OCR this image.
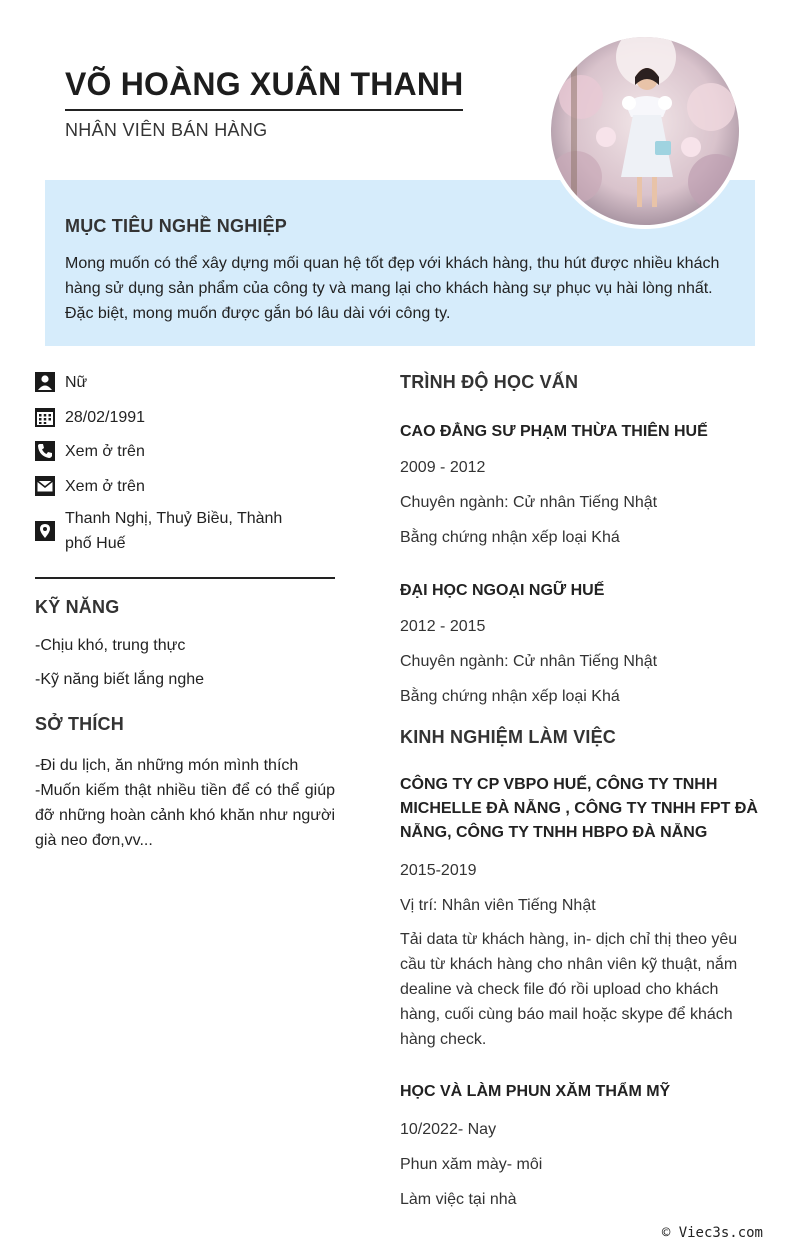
VÕ HOÀNG XUÂN THANH
NHÂN VIÊN BÁN HÀNG
MỤC TIÊU NGHỀ NGHIỆP

Mong muốn có thể xây dựng mối quan hệ tốt đẹp với khách hàng, thu hút được nhiều khách hàng sử dụng sản phẩm của công ty và mang lại cho khách hàng sự phục vụ hài lòng nhất. Đặc biệt, mong muốn được gắn bó lâu dài với công ty.

Nữ
28/02/1991
Xem ở trên
Xem ở trên
Thanh Nghị, Thuỷ Biều, Thành phố Huế
KỸ NĂNG
-Chịu khó, trung thực
-Kỹ năng biết lắng nghe
SỞ THÍCH
-Đi du lịch, ăn những món mình thích
-Muốn kiếm thật nhiều tiền để có thể giúp đỡ những hoàn cảnh khó khăn như người già neo đơn,vv...
TRÌNH ĐỘ HỌC VẤN
CAO ĐẲNG SƯ PHẠM THỪA THIÊN HUẾ
2009 - 2012
Chuyên ngành: Cử nhân Tiếng Nhật
Bằng chứng nhận xếp loại Khá
ĐẠI HỌC NGOẠI NGỮ HUẾ
2012 - 2015
Chuyên ngành: Cử nhân Tiếng Nhật
Bằng chứng nhận xếp loại Khá
KINH NGHIỆM LÀM VIỆC
CÔNG TY CP VBPO HUẾ, CÔNG TY TNHH MICHELLE ĐÀ NẴNG , CÔNG TY TNHH FPT ĐÀ NẴNG, CÔNG TY TNHH HBPO ĐÀ NẴNG
2015-2019
Vị trí: Nhân viên Tiếng Nhật
Tải data từ khách hàng, in- dịch chỉ thị theo yêu cầu từ khách hàng cho nhân viên kỹ thuật, nắm dealine và check file đó rồi upload cho khách hàng, cuối cùng báo mail hoặc skype để khách hàng check.
HỌC VÀ LÀM PHUN XĂM THẨM MỸ
10/2022- Nay
Phun xăm mày- môi
Làm việc tại nhà
© Viec3s.com
